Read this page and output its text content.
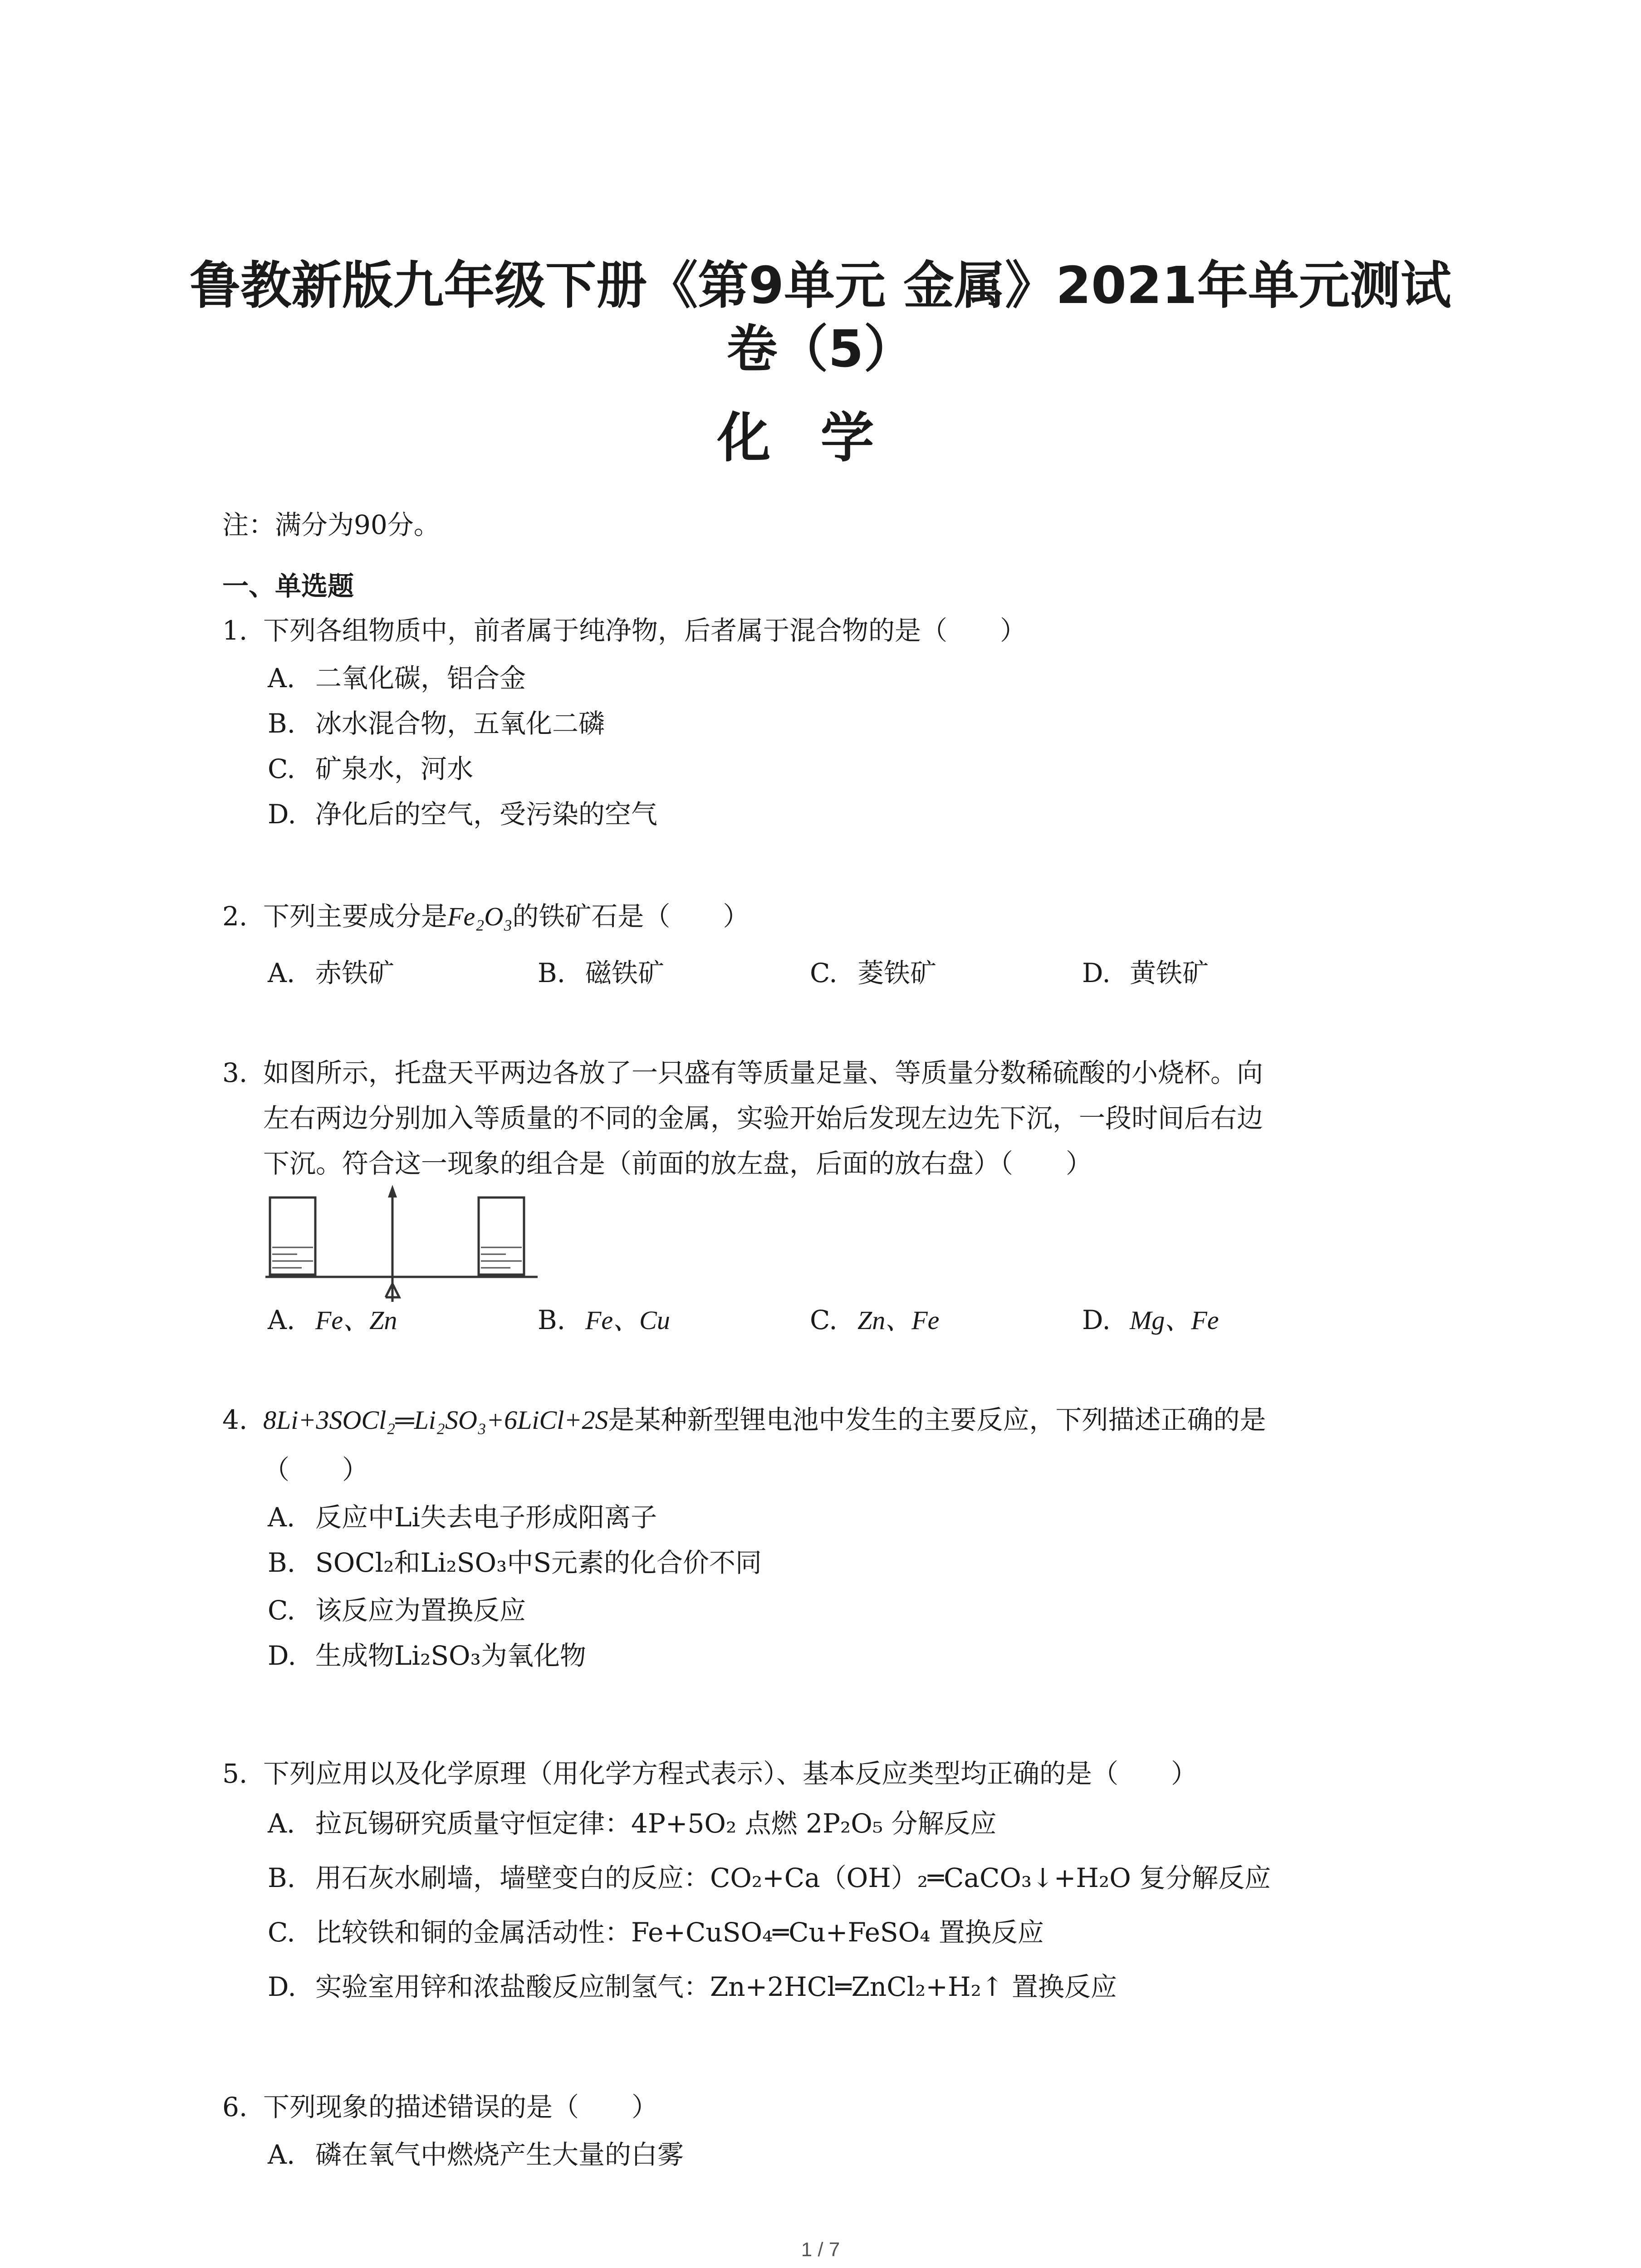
鲁教新版九年级下册《第9单元 金属》2021年单元测试
卷（5）
化学
注：满分为90分。
一、单选题
1. 下列各组物质中，前者属于纯净物，后者属于混合物的是（　　）
A. 二氧化碳，铝合金
B. 冰水混合物，五氧化二磷
C. 矿泉水，河水
D. 净化后的空气，受污染的空气
2. 下列主要成分是Fe₂O₃的铁矿石是（　　）
A. 赤铁矿	B. 磁铁矿	C. 菱铁矿	D. 黄铁矿
3. 如图所示，托盘天平两边各放了一只盛有等质量足量、等质量分数稀硫酸的小烧杯。向
左右两边分别加入等质量的不同的金属，实验开始后发现左边先下沉，一段时间后右边
下沉。符合这一现象的组合是（前面的放左盘，后面的放右盘）（　　）
A. Fe、Zn	B. Fe、Cu	C. Zn、Fe	D. Mg、Fe
4. 8Li+3SOCl₂═Li₂SO₃+6LiCl+2S是某种新型锂电池中发生的主要反应，下列描述正确的是
（　　）
A. 反应中Li失去电子形成阳离子
B. SOCl₂和Li₂SO₃中S元素的化合价不同
C. 该反应为置换反应
D. 生成物Li₂SO₃为氧化物
5. 下列应用以及化学原理（用化学方程式表示）、基本反应类型均正确的是（　　）
A. 拉瓦锡研究质量守恒定律：4P+5O₂ 点燃 2P₂O₅ 分解反应
B. 用石灰水刷墙，墙壁变白的反应：CO₂+Ca（OH）₂═CaCO₃↓+H₂O 复分解反应
C. 比较铁和铜的金属活动性：Fe+CuSO₄═Cu+FeSO₄ 置换反应
D. 实验室用锌和浓盐酸反应制氢气：Zn+2HCl═ZnCl₂+H₂↑ 置换反应
6. 下列现象的描述错误的是（　　）
A. 磷在氧气中燃烧产生大量的白雾
1 / 7
